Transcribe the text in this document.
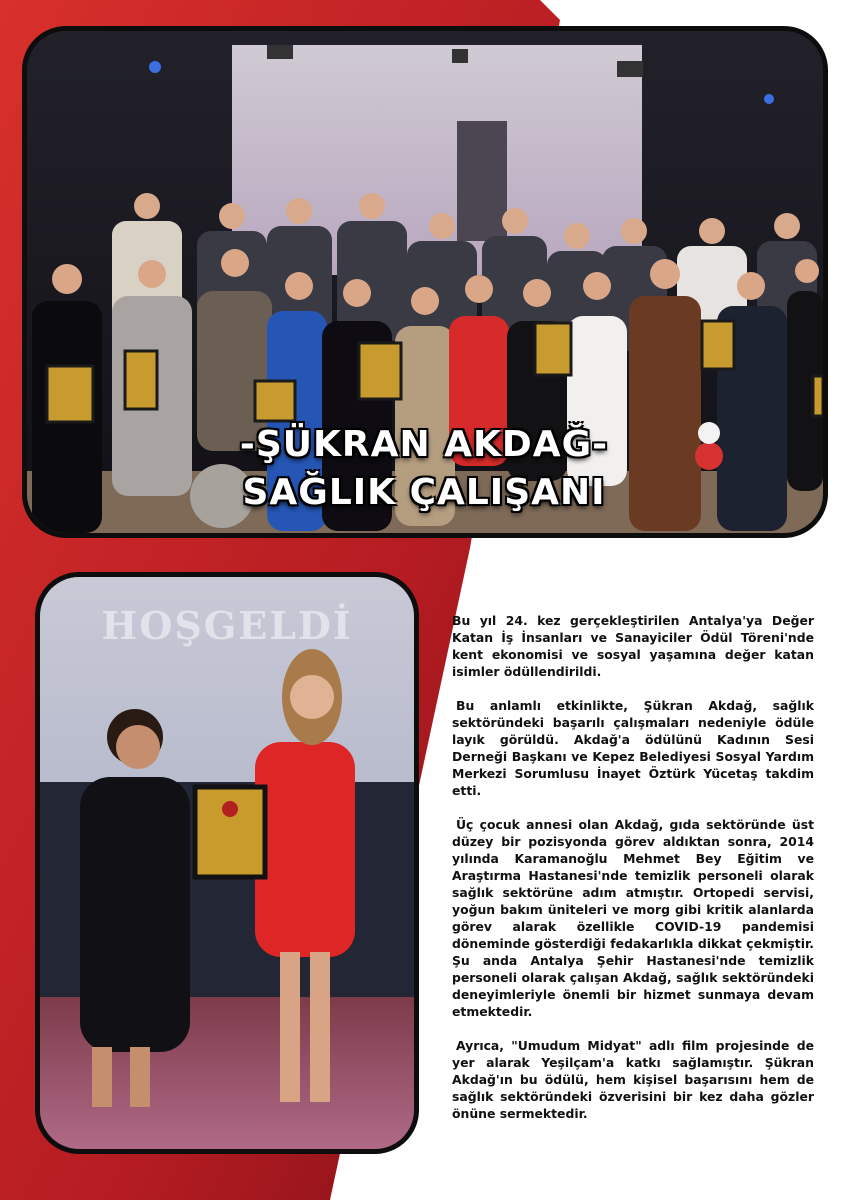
-ŞÜKRAN AKDAĞ-
SAĞLIK ÇALIŞANI
HOŞGELDİ	Bu yıl 24. kez gerçekleştirilen Antalya'ya Değer Katan İş İnsanları ve Sanayiciler Ödül Töreni'nde kent ekonomisi ve sosyal yaşamına değer katan isimler ödüllendirildi.

Bu anlamlı etkinlikte, Şükran Akdağ, sağlık sektöründeki başarılı çalışmaları nedeniyle ödüle layık görüldü. Akdağ'a ödülünü Kadının Sesi Derneği Başkanı ve Kepez Belediyesi Sosyal Yardım Merkezi Sorumlusu İnayet Öztürk Yücetaş takdim etti.

Üç çocuk annesi olan Akdağ, gıda sektöründe üst düzey bir pozisyonda görev aldıktan sonra, 2014 yılında Karamanoğlu Mehmet Bey Eğitim ve Araştırma Hastanesi'nde temizlik personeli olarak sağlık sektörüne adım atmıştır. Ortopedi servisi, yoğun bakım üniteleri ve morg gibi kritik alanlarda görev alarak özellikle COVID-19 pandemisi döneminde gösterdiği fedakarlıkla dikkat çekmiştir. Şu anda Antalya Şehir Hastanesi'nde temizlik personeli olarak çalışan Akdağ, sağlık sektöründeki deneyimleriyle önemli bir hizmet sunmaya devam etmektedir.

Ayrıca, "Umudum Midyat" adlı film projesinde de yer alarak Yeşilçam'a katkı sağlamıştır. Şükran Akdağ'ın bu ödülü, hem kişisel başarısını hem de sağlık sektöründeki özverisini bir kez daha gözler önüne sermektedir.
